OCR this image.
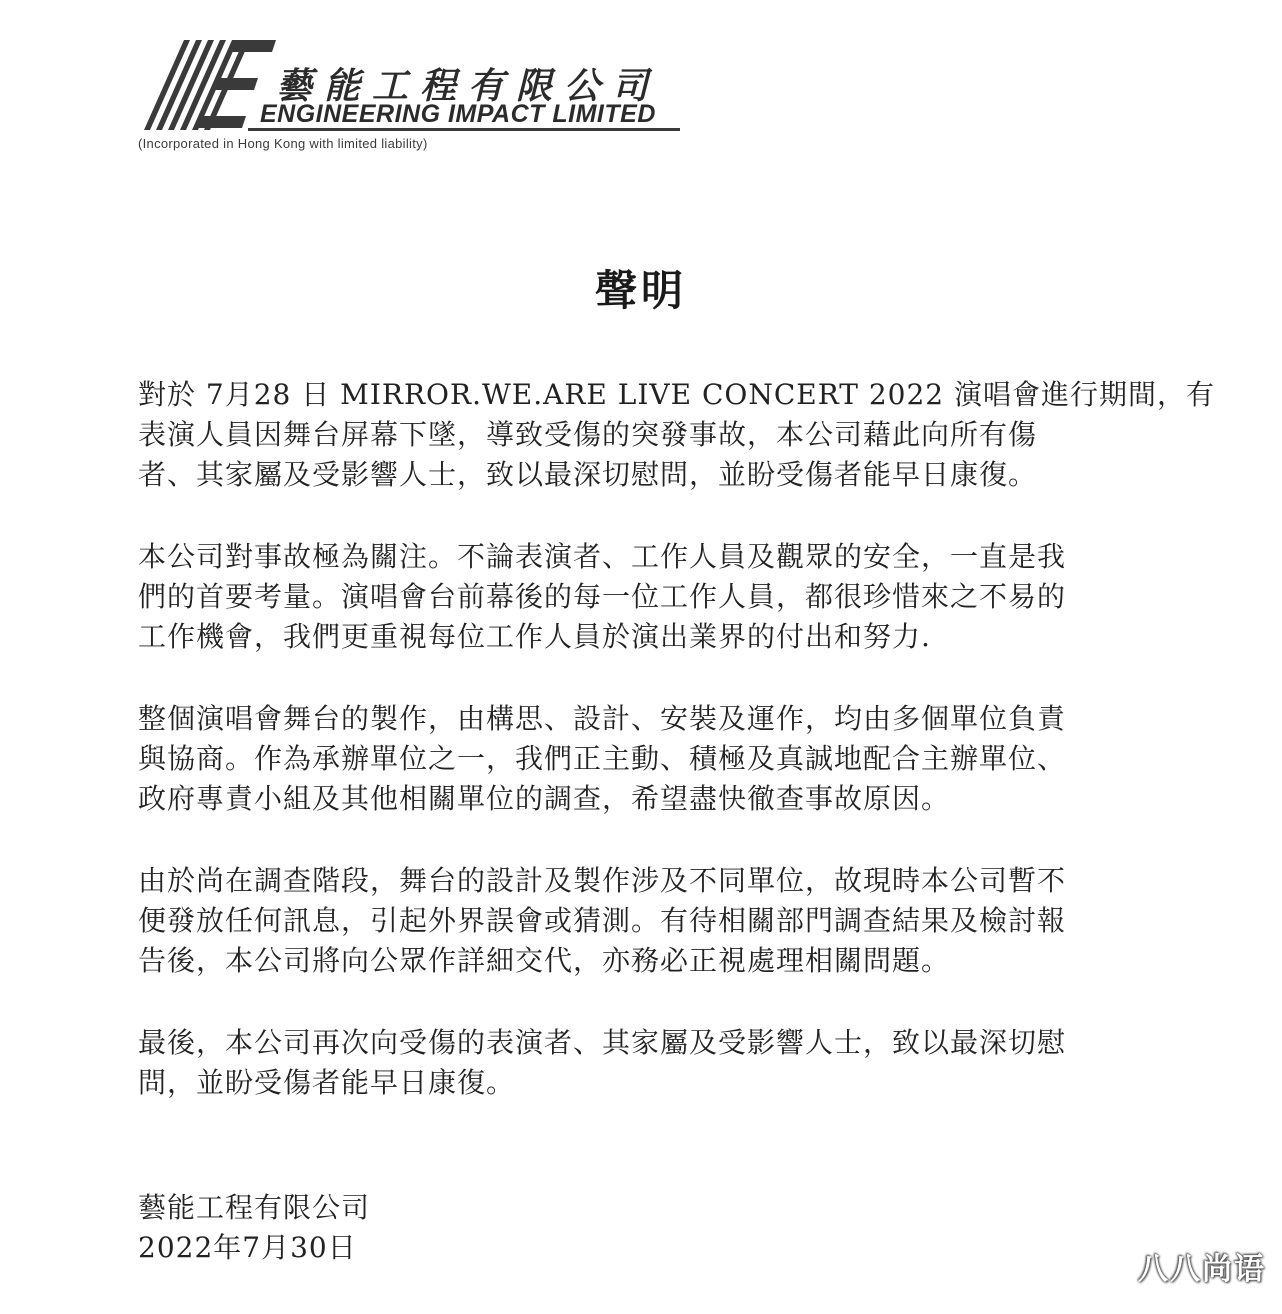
藝能工程有限公司
ENGINEERING IMPACT LIMITED
(Incorporated in Hong Kong with limited liability)
聲明
對於 7月28 日 MIRROR.WE.ARE LIVE CONCERT 2022 演唱會進行期間，有
表演人員因舞台屏幕下墜，導致受傷的突發事故，本公司藉此向所有傷
者、其家屬及受影響人士，致以最深切慰問，並盼受傷者能早日康復。
本公司對事故極為關注。不論表演者、工作人員及觀眾的安全，一直是我
們的首要考量。演唱會台前幕後的每一位工作人員，都很珍惜來之不易的
工作機會，我們更重視每位工作人員於演出業界的付出和努力.
整個演唱會舞台的製作，由構思、設計、安裝及運作，均由多個單位負責
與協商。作為承辦單位之一，我們正主動、積極及真誠地配合主辦單位、
政府專責小組及其他相關單位的調查，希望盡快徹查事故原因。
由於尚在調查階段，舞台的設計及製作涉及不同單位，故現時本公司暫不
便發放任何訊息，引起外界誤會或猜測。有待相關部門調查結果及檢討報
告後，本公司將向公眾作詳細交代，亦務必正視處理相關問題。
最後，本公司再次向受傷的表演者、其家屬及受影響人士，致以最深切慰
問，並盼受傷者能早日康復。
藝能工程有限公司
2022年7月30日
八八尚语
